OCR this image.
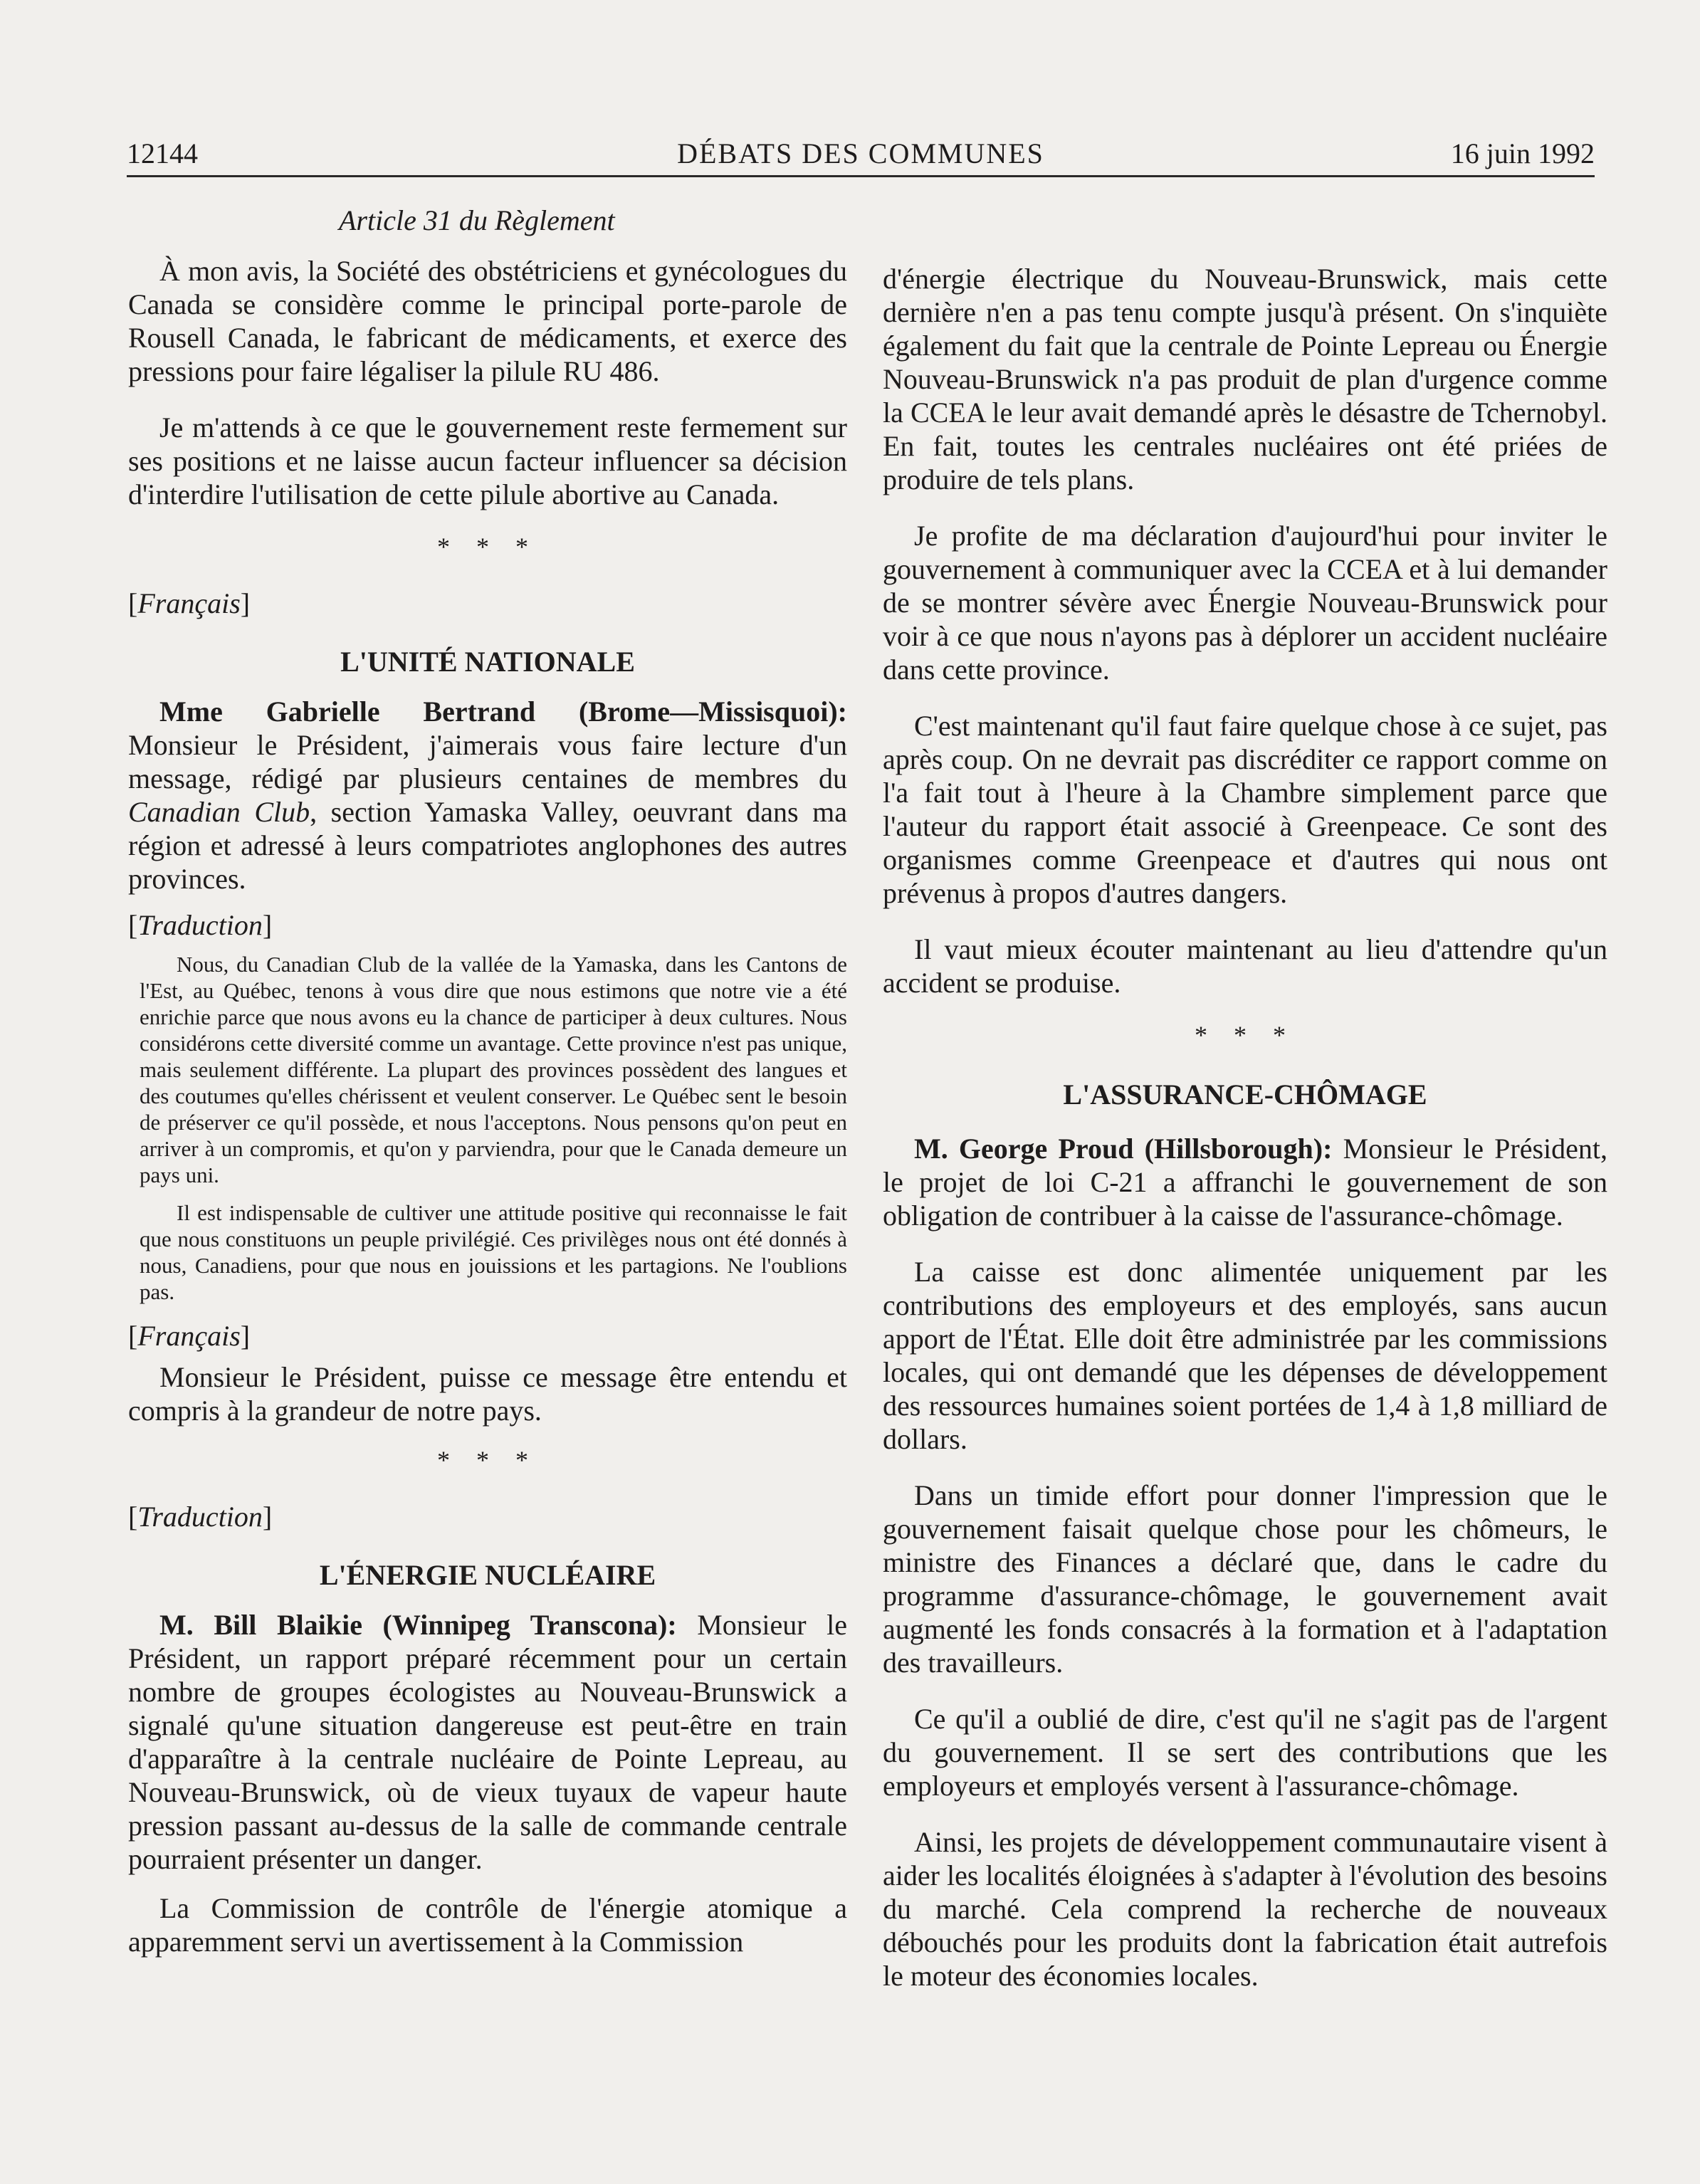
12144	DÉBATS DES COMMUNES	16 juin 1992

Article 31 du Règlement

À mon avis, la Société des obstétriciens et gynécologues du Canada se considère comme le principal porte-parole de Rousell Canada, le fabricant de médicaments, et exerce des pressions pour faire légaliser la pilule RU 486.

Je m'attends à ce que le gouvernement reste fermement sur ses positions et ne laisse aucun facteur influencer sa décision d'interdire l'utilisation de cette pilule abortive au Canada.

* * *

[Français]

L'UNITÉ NATIONALE

Mme Gabrielle Bertrand (Brome—Missisquoi): Monsieur le Président, j'aimerais vous faire lecture d'un message, rédigé par plusieurs centaines de membres du Canadian Club, section Yamaska Valley, oeuvrant dans ma région et adressé à leurs compatriotes anglophones des autres provinces.

[Traduction]

Nous, du Canadian Club de la vallée de la Yamaska, dans les Cantons de l'Est, au Québec, tenons à vous dire que nous estimons que notre vie a été enrichie parce que nous avons eu la chance de participer à deux cultures. Nous considérons cette diversité comme un avantage. Cette province n'est pas unique, mais seulement différente. La plupart des provinces possèdent des langues et des coutumes qu'elles chérissent et veulent conserver. Le Québec sent le besoin de préserver ce qu'il possède, et nous l'acceptons. Nous pensons qu'on peut en arriver à un compromis, et qu'on y parviendra, pour que le Canada demeure un pays uni.

Il est indispensable de cultiver une attitude positive qui reconnaisse le fait que nous constituons un peuple privilégié. Ces privilèges nous ont été donnés à nous, Canadiens, pour que nous en jouissions et les partagions. Ne l'oublions pas.

[Français]

Monsieur le Président, puisse ce message être entendu et compris à la grandeur de notre pays.

* * *

[Traduction]

L'ÉNERGIE NUCLÉAIRE

M. Bill Blaikie (Winnipeg Transcona): Monsieur le Président, un rapport préparé récemment pour un certain nombre de groupes écologistes au Nouveau-Brunswick a signalé qu'une situation dangereuse est peut-être en train d'apparaître à la centrale nucléaire de Pointe Lepreau, au Nouveau-Brunswick, où de vieux tuyaux de vapeur haute pression passant au-dessus de la salle de commande centrale pourraient présenter un danger.

La Commission de contrôle de l'énergie atomique a apparemment servi un avertissement à la Commission

d'énergie électrique du Nouveau-Brunswick, mais cette dernière n'en a pas tenu compte jusqu'à présent. On s'inquiète également du fait que la centrale de Pointe Lepreau ou Énergie Nouveau-Brunswick n'a pas produit de plan d'urgence comme la CCEA le leur avait demandé après le désastre de Tchernobyl. En fait, toutes les centrales nucléaires ont été priées de produire de tels plans.

Je profite de ma déclaration d'aujourd'hui pour inviter le gouvernement à communiquer avec la CCEA et à lui demander de se montrer sévère avec Énergie Nouveau-Brunswick pour voir à ce que nous n'ayons pas à déplorer un accident nucléaire dans cette province.

C'est maintenant qu'il faut faire quelque chose à ce sujet, pas après coup. On ne devrait pas discréditer ce rapport comme on l'a fait tout à l'heure à la Chambre simplement parce que l'auteur du rapport était associé à Greenpeace. Ce sont des organismes comme Greenpeace et d'autres qui nous ont prévenus à propos d'autres dangers.

Il vaut mieux écouter maintenant au lieu d'attendre qu'un accident se produise.

* * *
L'ASSURANCE-CHÔMAGE

M. George Proud (Hillsborough): Monsieur le Président, le projet de loi C-21 a affranchi le gouvernement de son obligation de contribuer à la caisse de l'assurance-chômage.

La caisse est donc alimentée uniquement par les contributions des employeurs et des employés, sans aucun apport de l'État. Elle doit être administrée par les commissions locales, qui ont demandé que les dépenses de développement des ressources humaines soient portées de 1,4 à 1,8 milliard de dollars.

Dans un timide effort pour donner l'impression que le gouvernement faisait quelque chose pour les chômeurs, le ministre des Finances a déclaré que, dans le cadre du programme d'assurance-chômage, le gouvernement avait augmenté les fonds consacrés à la formation et à l'adaptation des travailleurs.

Ce qu'il a oublié de dire, c'est qu'il ne s'agit pas de l'argent du gouvernement. Il se sert des contributions que les employeurs et employés versent à l'assurance-chômage.

Ainsi, les projets de développement communautaire visent à aider les localités éloignées à s'adapter à l'évolution des besoins du marché. Cela comprend la recherche de nouveaux débouchés pour les produits dont la fabrication était autrefois le moteur des économies locales.
